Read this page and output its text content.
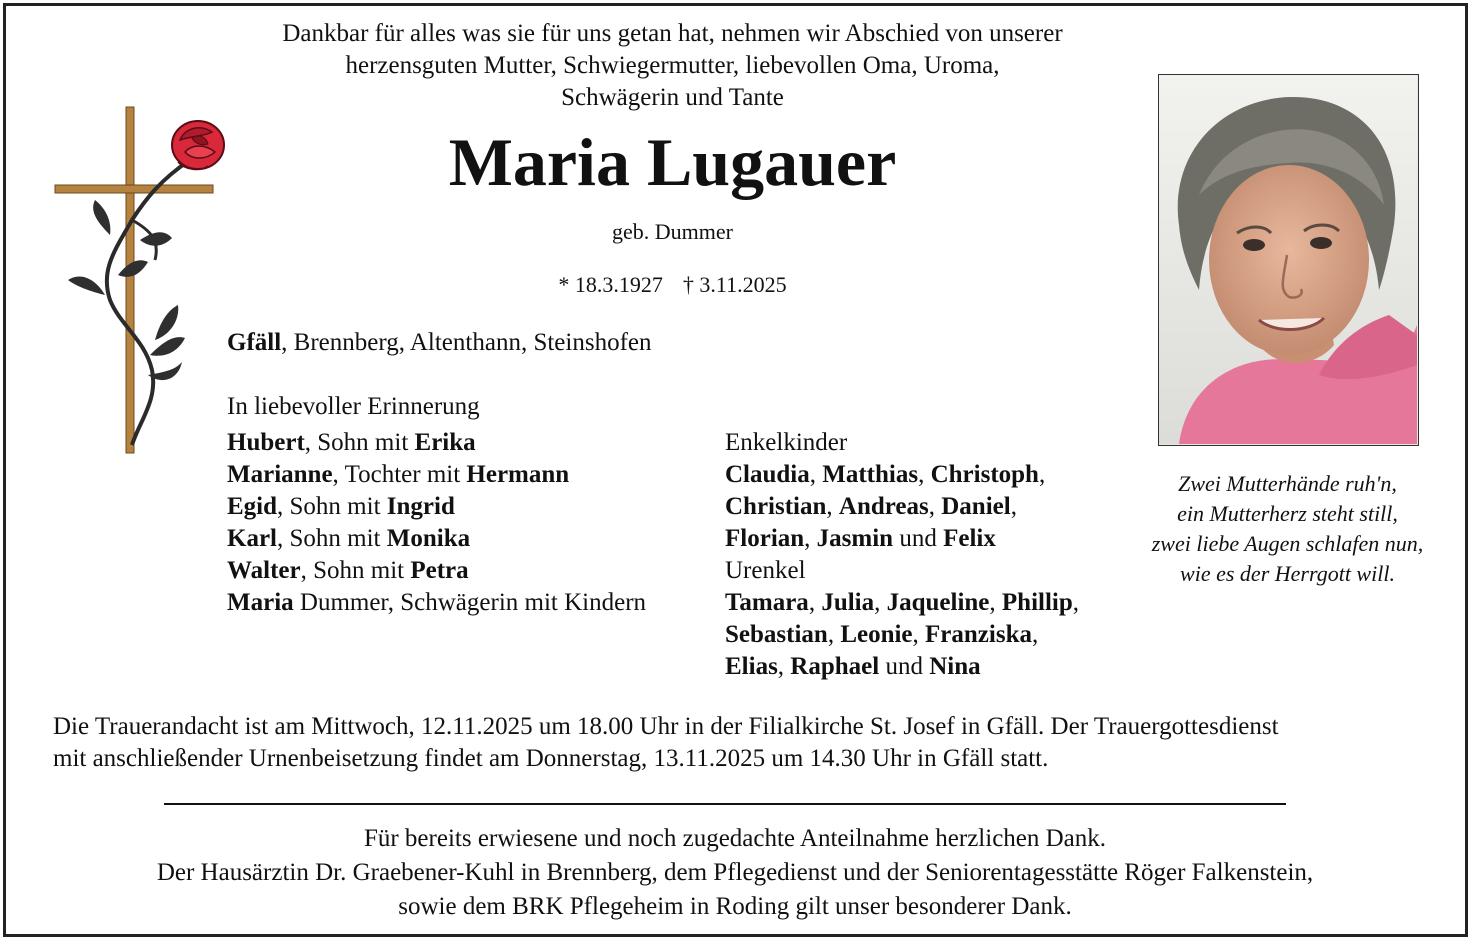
Dankbar für alles was sie für uns getan hat, nehmen wir Abschied von unserer
herzensguten Mutter, Schwiegermutter, liebevollen Oma, Uroma,
Schwägerin und Tante
Maria Lugauer
geb. Dummer
* 18.3.1927 † 3.11.2025
Gfäll, Brennberg, Altenthann, Steinshofen
In liebevoller Erinnerung
Hubert, Sohn mit Erika
Marianne, Tochter mit Hermann
Egid, Sohn mit Ingrid
Karl, Sohn mit Monika
Walter, Sohn mit Petra
Maria Dummer, Schwägerin mit Kindern
Enkelkinder
Claudia, Matthias, Christoph,
Christian, Andreas, Daniel,
Florian, Jasmin und Felix
Urenkel
Tamara, Julia, Jaqueline, Phillip,
Sebastian, Leonie, Franziska,
Elias, Raphael und Nina
Zwei Mutterhände ruh'n,
ein Mutterherz steht still,
zwei liebe Augen schlafen nun,
wie es der Herrgott will.
Die Trauerandacht ist am Mittwoch, 12.11.2025 um 18.00 Uhr in der Filialkirche St. Josef in Gfäll. Der Trauergottesdienst
mit anschließender Urnenbeisetzung findet am Donnerstag, 13.11.2025 um 14.30 Uhr in Gfäll statt.
Für bereits erwiesene und noch zugedachte Anteilnahme herzlichen Dank.
Der Hausärztin Dr. Graebener-Kuhl in Brennberg, dem Pflegedienst und der Seniorentagesstätte Röger Falkenstein,
sowie dem BRK Pflegeheim in Roding gilt unser besonderer Dank.
